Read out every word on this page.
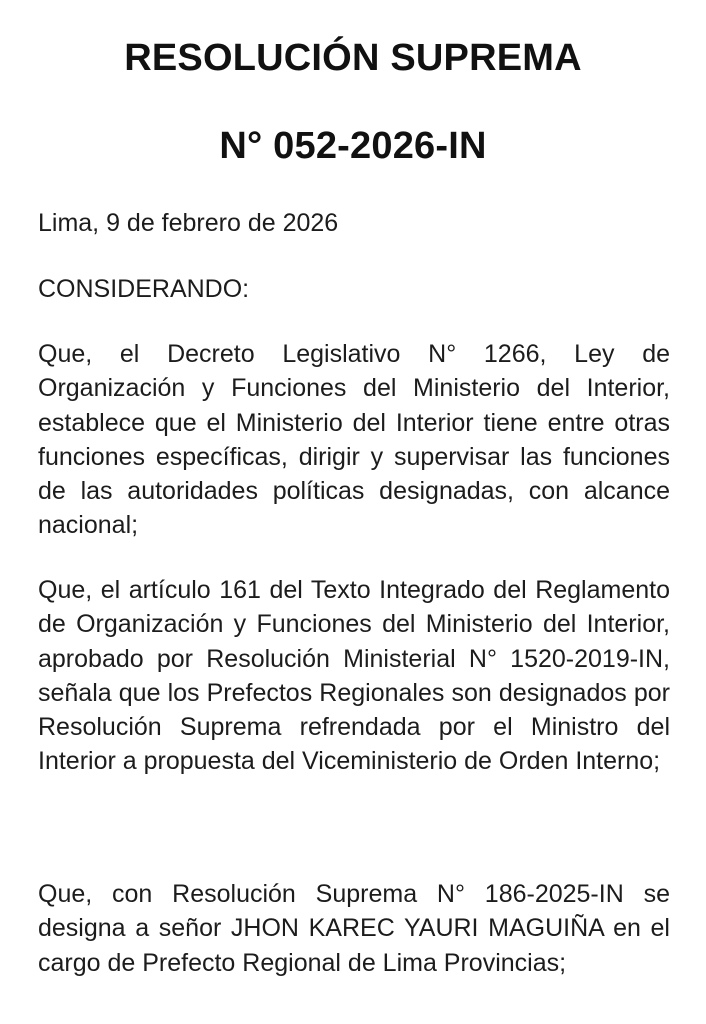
RESOLUCIÓN SUPREMA
N° 052-2026-IN

Lima, 9 de febrero de 2026

CONSIDERANDO:

Que, el Decreto Legislativo N° 1266, Ley de Organización y Funciones del Ministerio del Interior, establece que el Ministerio del Interior tiene entre otras funciones específicas, dirigir y supervisar las funciones de las autoridades políticas designadas, con alcance nacional;

Que, el artículo 161 del Texto Integrado del Reglamento de Organización y Funciones del Ministerio del Interior, aprobado por Resolución Ministerial N° 1520-2019-IN, señala que los Prefectos Regionales son designados por Resolución Suprema refrendada por el Ministro del Interior a propuesta del Viceministerio de Orden Interno;

Que, con Resolución Suprema N° 186-2025-IN se designa a señor JHON KAREC YAURI MAGUIÑA en el cargo de Prefecto Regional de Lima Provincias;
